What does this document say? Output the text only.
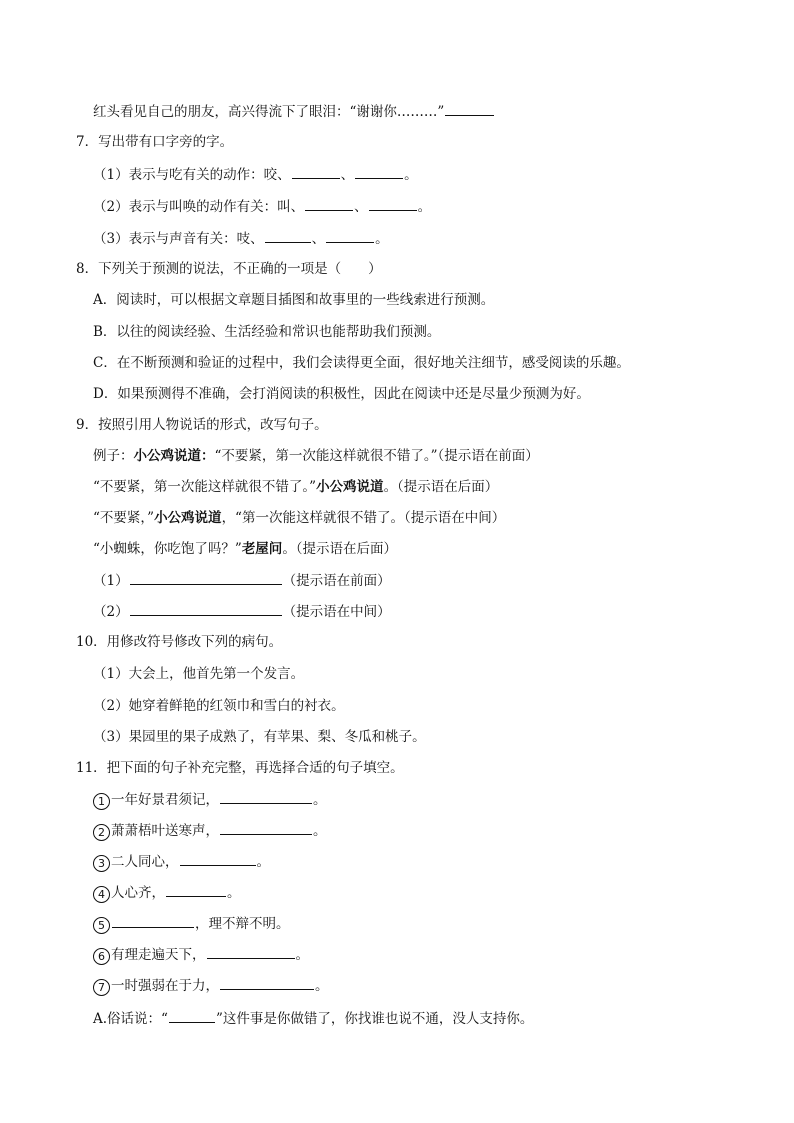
红头看见自己的朋友，高兴得流下了眼泪：“谢谢你………”
7．写出带有口字旁的字。
（1）表示与吃有关的动作：咬、	、	。
（2）表示与叫唤的动作有关：叫、	、	。
（3）表示与声音有关：吱、	、	。
8．下列关于预测的说法，不正确的一项是（　　）
A．阅读时，可以根据文章题目插图和故事里的一些线索进行预测。
B．以往的阅读经验、生活经验和常识也能帮助我们预测。
C．在不断预测和验证的过程中，我们会读得更全面，很好地关注细节，感受阅读的乐趣。
D．如果预测得不准确，会打消阅读的积极性，因此在阅读中还是尽量少预测为好。
9．按照引用人物说话的形式，改写句子。
例子：小公鸡说道：“不要紧，第一次能这样就很不错了。”（提示语在前面）
“不要紧，第一次能这样就很不错了。”小公鸡说道。（提示语在后面）
“不要紧，”小公鸡说道，“第一次能这样就很不错了。（提示语在中间）
“小蜘蛛，你吃饱了吗？”老屋问。（提示语在后面）
（1）	（提示语在前面）
（2）	（提示语在中间）
10．用修改符号修改下列的病句。
（1）大会上，他首先第一个发言。
（2）她穿着鲜艳的红领巾和雪白的衬衣。
（3）果园里的果子成熟了，有苹果、梨、冬瓜和桃子。
11．把下面的句子补充完整，再选择合适的句子填空。
1 一年好景君须记，	。
2 萧萧梧叶送寒声，	。
3 二人同心，	。
4 人心齐，	。
5	，理不辩不明。
6 有理走遍天下，	。
7 一时强弱在于力，	。
A.俗话说：“	”这件事是你做错了，你找谁也说不通，没人支持你。
